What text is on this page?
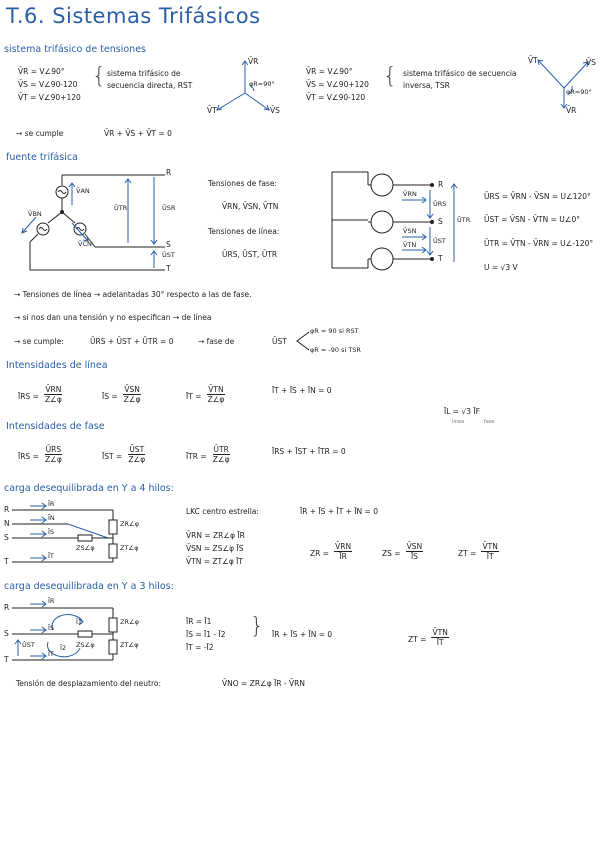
T.6. Sistemas Trifásicos
sistema trifásico de tensiones
V̄R = V∠90°
V̄S = V∠90-120
V̄T = V∠90+120
{ sistema trifásico de secuencia directa, RST
V̄R
V̄T	V̄S
φR=90°
V̄R = V∠90°
V̄S = V∠90+120
V̄T = V∠90-120
{ sistema trifásico de secuencia inversa, TSR
V̄T	V̄S
V̄R
φR=90°
→ se cumple	V̄R + V̄S + V̄T = 0
fuente trifásica
R
S
T
V̄AN
V̄BN
V̄CN
ŪTR	ŪSR
ŪST
Tensiones de fase:
V̄RN, V̄SN, V̄TN
Tensiones de línea:
ŪRS, ŪST, ŪTR
R
S
T
V̄RN
V̄SN
V̄TN
ŪRS
ŪST
ŪTR
ŪRS = V̄RN - V̄SN = U∠120°
ŪST = V̄SN - V̄TN = U∠0°
ŪTR = V̄TN - V̄RN = U∠-120°
U = √3 V
→ Tensiones de línea → adelantadas 30° respecto a las de fase.
→ si nos dan una tensión y no especifican → de línea
→ se cumple:	ŪRS + ŪST + ŪTR = 0	→ fase de	ŪST
φR = 90 si RST
φR = -90 si TSR
Intensidades de línea
ĪRS = $\frac{V̄RN}{Z\angle\varphi}$	ĪS = $\frac{V̄SN}{Z\angle\varphi}$	ĪT = $\frac{V̄TN}{Z\angle\varphi}$	ĪT + ĪS + ĪN = 0
ĪL = √3 ĪF
línea	fase
Intensidades de fase
ĪRS = $\frac{\text{ŪRS}}{Z\angle\varphi}$	ĪST = $\frac{\text{ŪST}}{Z\angle\varphi}$	ĪTR = $\frac{\text{ŪTR}}{Z\angle\varphi}$	ĪRS + ĪST + ĪTR = 0
carga desequilibrada en Y a 4 hilos:
R
N
S
T
ĪR
ĪN
ĪS
ĪT
ZR∠φ
ZS∠φ	ZT∠φ
LKC centro estrella:	ĪR + ĪS + ĪT + ĪN = 0
V̄RN = ZR∠φ ĪR
V̄SN = ZS∠φ ĪS
V̄TN = ZT∠φ ĪT
ZR = $\frac{V̄RN}{ĪR}$	ZS = $\frac{V̄SN}{ĪS}$	ZT = $\frac{V̄TN}{ĪT}$
carga desequilibrada en Y a 3 hilos:
R
S
T
ĪR
ĪS
ĪT
Ī1
Ī2
ŪST
ZR∠φ
ZS∠φ	ZT∠φ
ĪR = Ī1
ĪS = Ī1 - Ī2
ĪT = -Ī2
} ĪR + ĪS + ĪN = 0
ZT = $\frac{V̄TN}{ĪT}$
Tensión de desplazamiento del neutro:	V̄NO = ZR∠φ ĪR - V̄RN
